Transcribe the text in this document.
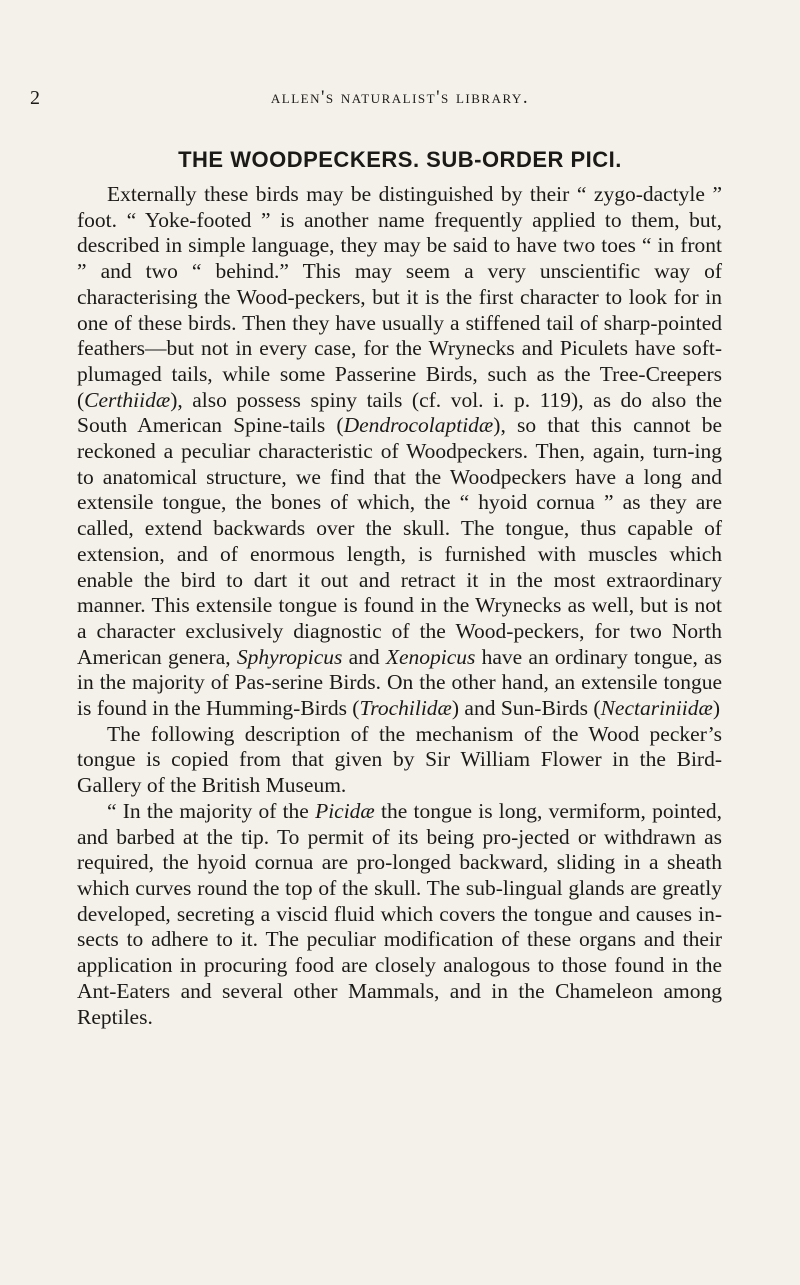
2	allen's naturalist's library.
THE WOODPECKERS. SUB-ORDER PICI.

Externally these birds may be distinguished by their “ zygo-dactyle ” foot. “ Yoke-footed ” is another name frequently applied to them, but, described in simple language, they may be said to have two toes “ in front ” and two “ behind.” This may seem a very unscientific way of characterising the Wood-peckers, but it is the first character to look for in one of these birds. Then they have usually a stiffened tail of sharp-pointed feathers—but not in every case, for the Wrynecks and Piculets have soft-plumaged tails, while some Passerine Birds, such as the Tree-Creepers (Certhiidæ), also possess spiny tails (cf. vol. i. p. 119), as do also the South American Spine-tails (Dendrocolaptidæ), so that this cannot be reckoned a peculiar characteristic of Woodpeckers. Then, again, turn-ing to anatomical structure, we find that the Woodpeckers have a long and extensile tongue, the bones of which, the “ hyoid cornua ” as they are called, extend backwards over the skull. The tongue, thus capable of extension, and of enormous length, is furnished with muscles which enable the bird to dart it out and retract it in the most extraordinary manner. This extensile tongue is found in the Wrynecks as well, but is not a character exclusively diagnostic of the Wood-peckers, for two North American genera, Sphyropicus and Xenopicus have an ordinary tongue, as in the majority of Pas-serine Birds. On the other hand, an extensile tongue is found in the Humming-Birds (Trochilidæ) and Sun-Birds (Nectariniidæ)

The following description of the mechanism of the Wood pecker’s tongue is copied from that given by Sir William Flower in the Bird-Gallery of the British Museum.

“ In the majority of the Picidæ the tongue is long, vermiform, pointed, and barbed at the tip. To permit of its being pro-jected or withdrawn as required, the hyoid cornua are pro-longed backward, sliding in a sheath which curves round the top of the skull. The sub-lingual glands are greatly developed, secreting a viscid fluid which covers the tongue and causes in-sects to adhere to it. The peculiar modification of these organs and their application in procuring food are closely analogous to those found in the Ant-Eaters and several other Mammals, and in the Chameleon among Reptiles.
